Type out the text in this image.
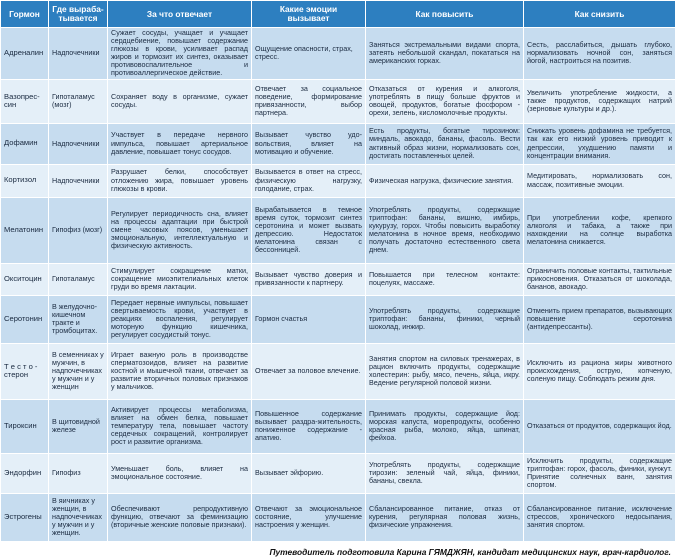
Гормон	Где выраба-
тывается	За что отвечает	Какие эмоции
вызывает	Как повысить	Как снизить
Адреналин	Надпочечники	Сужает сосуды, учащает и учащает сердцебиение, повышает содержание глюкозы в крови, усиливает распад жиров и тормозит их синтез, оказывает противовоспалительное и противоаллергическое действие.	Ощущение опасности, страх, стресс.	Заняться экстремальными видами спорта, затеять небольшой скандал, покататься на американских горках.	Сесть, расслабиться, дышать глубоко, нормализовать ночной сон, заняться йогой, настроиться на позитив.
Вазопрес-
син	Гипоталамус (мозг)	Сохраняет воду в организме, сужает сосуды.	Отвечает за социальное поведение, формирование привязанности, выбор партнера.	Отказаться от курения и алкоголя, употреблять в пищу больше фруктов и овощей, продуктов, богатые фосфором - орехи, зелень, кисломолочные продукты.	Увеличить употребление жидкости, а также продуктов, содержащих натрий (зерновые культуры и др.).
Дофамин	Надпочечники	Участвует в передаче нервного импульса, повышает артериальное давление, повышает тонус сосудов.	Вызывает чувство удо-вольствия, влияет на мотивацию и обучение.	Есть продукты, богатые тирозином: миндаль, авокадо, бананы, фасоль. Вести активный образ жизни, нормализовать сон, достигать поставленных целей.	Снижать уровень дофамина не требуется, так как его низкий уровень приводит к депрессии, ухудшению памяти и концентрации внимания.
Кортизол	Надпочечники	Разрушает белки, способствует отложению жира, повышает уровень глюкозы в крови.	Вызывается в ответ на стресс, физическую нагрузку, голодание, страх.	Физическая нагрузка, физические занятия.	Медитировать, нормализовать сон, массаж, позитивные эмоции.
Мелатонин	Гипофиз (мозг)	Регулирует периодичность сна, влияет на процессы адаптации при быстрой смене часовых поясов, уменьшает эмоциональную, интеллектуальную и физическую активность.	Вырабатывается в темное время суток, тормозит синтез серотонина и может вызвать депрессию. Недостаток мелатонина связан с бессонницей.	Употреблять продукты, содержащие триптофан: бананы, вишню, имбирь, кукурузу, горох. Чтобы повысить выработку мелатонина в ночное время, необходимо получать достаточно естественного света днем.	При употреблении кофе, крепкого алкоголя и табака, а также при нахождении на солнце выработка мелатонина снижается.
Окситоцин	Гипоталамус	Стимулирует сокращение матки, сокращение миоэпителиальных клеток груди во время лактации.	Вызывает чувство доверия и привязанности к партнеру.	Повышается при телесном контакте: поцелуях, массаже.	Ограничить половые контакты, тактильные прикосновения. Отказаться от шоколада, бананов, авокадо.
Серотонин	В желудочно-кишечном тракте и тромбоцитах.	Передает нервные импульсы, повышает свертываемость крови, участвует в реакциях воспаления, регулирует моторную функцию кишечника, регулирует сосудистый тонус.	Гормон счастья	Употреблять продукты, содержащие триптофан: бананы, финики, черный шоколад, инжир.	Отменить прием препаратов, вызывающих повышение серотонина (антидепрессанты).
Т е с т о -
стерон	В семенниках у мужчин, в надпочечниках у мужчин и у женщин	Играет важную роль в производстве сперматозоидов, влияет на развитие костной и мышечной ткани, отвечает за развитие вторичных половых признаков у мальчиков.	Отвечает за половое влечение.	Занятия спортом на силовых тренажерах, в рацион включить продукты, содержащие холестерин: рыбу, мясо, печень, яйца, икру. Ведение регулярной половой жизни.	Исключить из рациона жиры животного происхождения, острую, копченую, соленую пищу. Соблюдать режим дня.
Тироксин	В щитовидной железе	Активирует процессы метаболизма, влияет на обмен белка, повышает температуру тела, повышает частоту сердечных сокращений, контролирует рост и развитие организма.	Повышенное содержание вызывает раздра-жительность, пониженное содержание - апатию.	Принимать продукты, содержащие йод: морская капуста, морепродукты, особенно красная рыба, молоко, яйца, шпинат, фейхоа.	Отказаться от продуктов, содержащих йод.
Эндорфин	Гипофиз	Уменьшает боль, влияет на эмоциональное состояние.	Вызывает эйфорию.	Употреблять продукты, содержащие тирозин: зеленый чай, яйца, финики, бананы, свекла.	Исключить продукты, содержащие триптофан: горох, фасоль, финики, кунжут. Принятие солнечных ванн, занятия спортом.
Эстрогены	В яичниках у женщин, в надпочечниках у мужчин и у женщин.	Обеспечивают репродуктивную функцию, отвечают за феминизацию (вторичные женские половые признаки).	Отвечают за эмоциональное состояние, улучшение настроения у женщин.	Сбалансированное питание, отказ от курения, регулярная половая жизнь, физические упражнения.	Сбалансированное питание, исключение стрессов, хронического недосыпания, занятия спортом.
Путеводитель подготовила Карина ГЯМДЖЯН, кандидат медицинских наук, врач-кардиолог.
